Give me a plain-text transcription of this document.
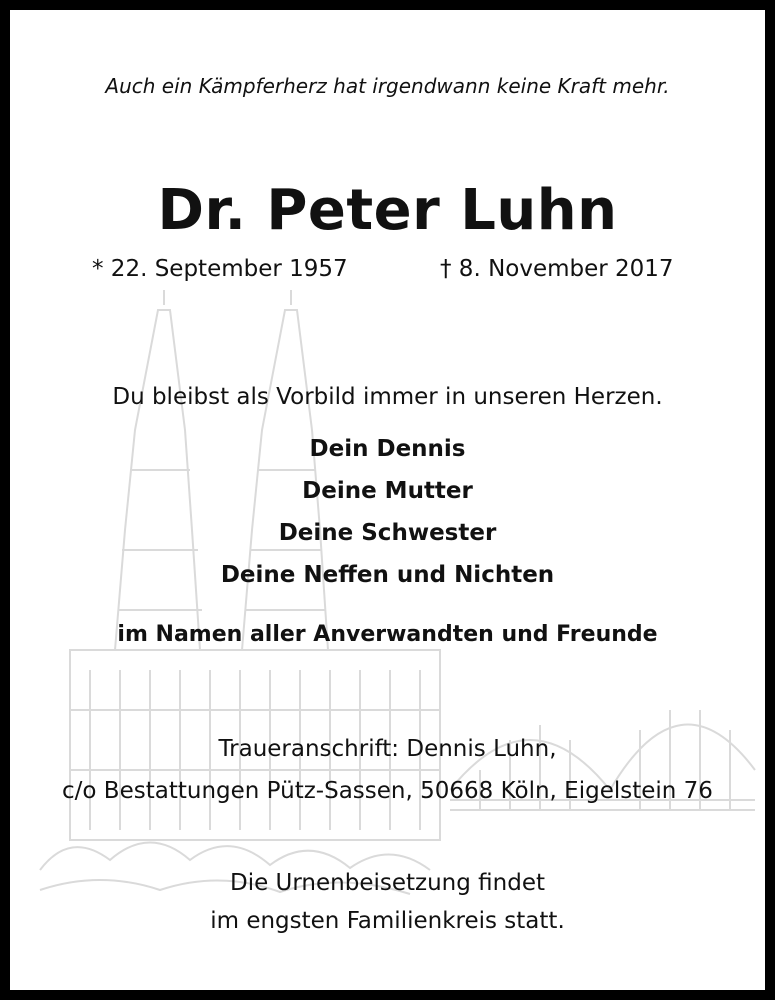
Auch ein Kämpferherz hat irgendwann keine Kraft mehr.
Dr. Peter Luhn
* 22. September 1957	† 8. November 2017
Du bleibst als Vorbild immer in unseren Herzen.
Dein Dennis
Deine Mutter
Deine Schwester
Deine Neffen und Nichten
im Namen aller Anverwandten und Freunde
Traueranschrift: Dennis Luhn,
c/o Bestattungen Pütz-Sassen, 50668 Köln, Eigelstein 76
Die Urnenbeisetzung findet
im engsten Familienkreis statt.
